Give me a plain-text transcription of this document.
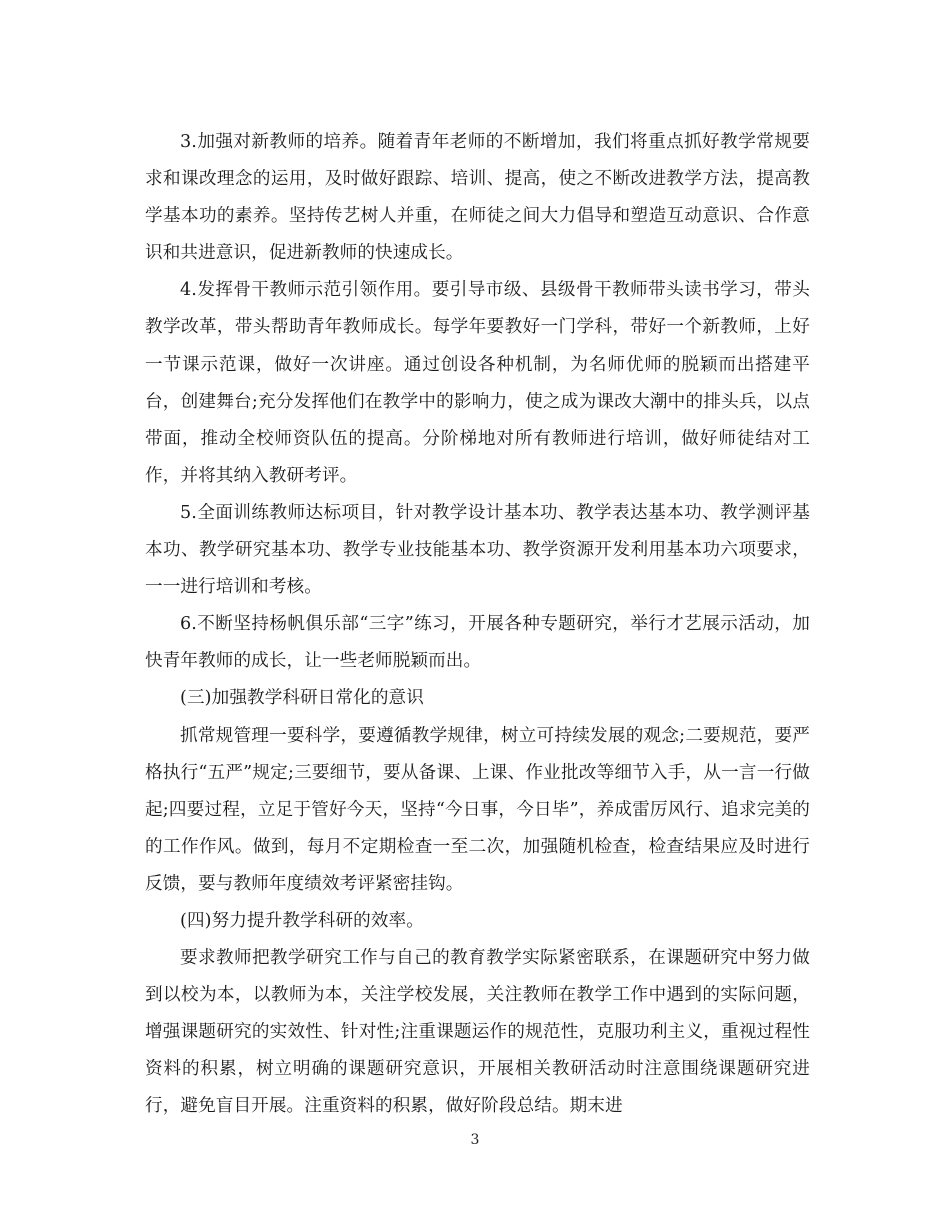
3.加强对新教师的培养。随着青年老师的不断增加，我们将重点抓好教学常规要求和课改理念的运用，及时做好跟踪、培训、提高，使之不断改进教学方法，提高教学基本功的素养。坚持传艺树人并重，在师徒之间大力倡导和塑造互动意识、合作意识和共进意识，促进新教师的快速成长。

4.发挥骨干教师示范引领作用。要引导市级、县级骨干教师带头读书学习，带头教学改革，带头帮助青年教师成长。每学年要教好一门学科，带好一个新教师，上好一节课示范课，做好一次讲座。通过创设各种机制，为名师优师的脱颖而出搭建平台，创建舞台;充分发挥他们在教学中的影响力，使之成为课改大潮中的排头兵，以点带面，推动全校师资队伍的提高。分阶梯地对所有教师进行培训，做好师徒结对工作，并将其纳入教研考评。

5.全面训练教师达标项目，针对教学设计基本功、教学表达基本功、教学测评基本功、教学研究基本功、教学专业技能基本功、教学资源开发利用基本功六项要求，一一进行培训和考核。

6.不断坚持杨帆俱乐部“三字”练习，开展各种专题研究，举行才艺展示活动，加快青年教师的成长，让一些老师脱颖而出。

(三)加强教学科研日常化的意识

抓常规管理一要科学，要遵循教学规律，树立可持续发展的观念;二要规范，要严格执行“五严”规定;三要细节，要从备课、上课、作业批改等细节入手，从一言一行做起;四要过程，立足于管好今天，坚持“今日事，今日毕”，养成雷厉风行、追求完美的的工作作风。做到，每月不定期检查一至二次，加强随机检查，检查结果应及时进行反馈，要与教师年度绩效考评紧密挂钩。

(四)努力提升教学科研的效率。

要求教师把教学研究工作与自己的教育教学实际紧密联系，在课题研究中努力做到以校为本，以教师为本，关注学校发展，关注教师在教学工作中遇到的实际问题，增强课题研究的实效性、针对性;注重课题运作的规范性，克服功利主义，重视过程性资料的积累，树立明确的课题研究意识，开展相关教研活动时注意围绕课题研究进行，避免盲目开展。注重资料的积累，做好阶段总结。期末进

3
